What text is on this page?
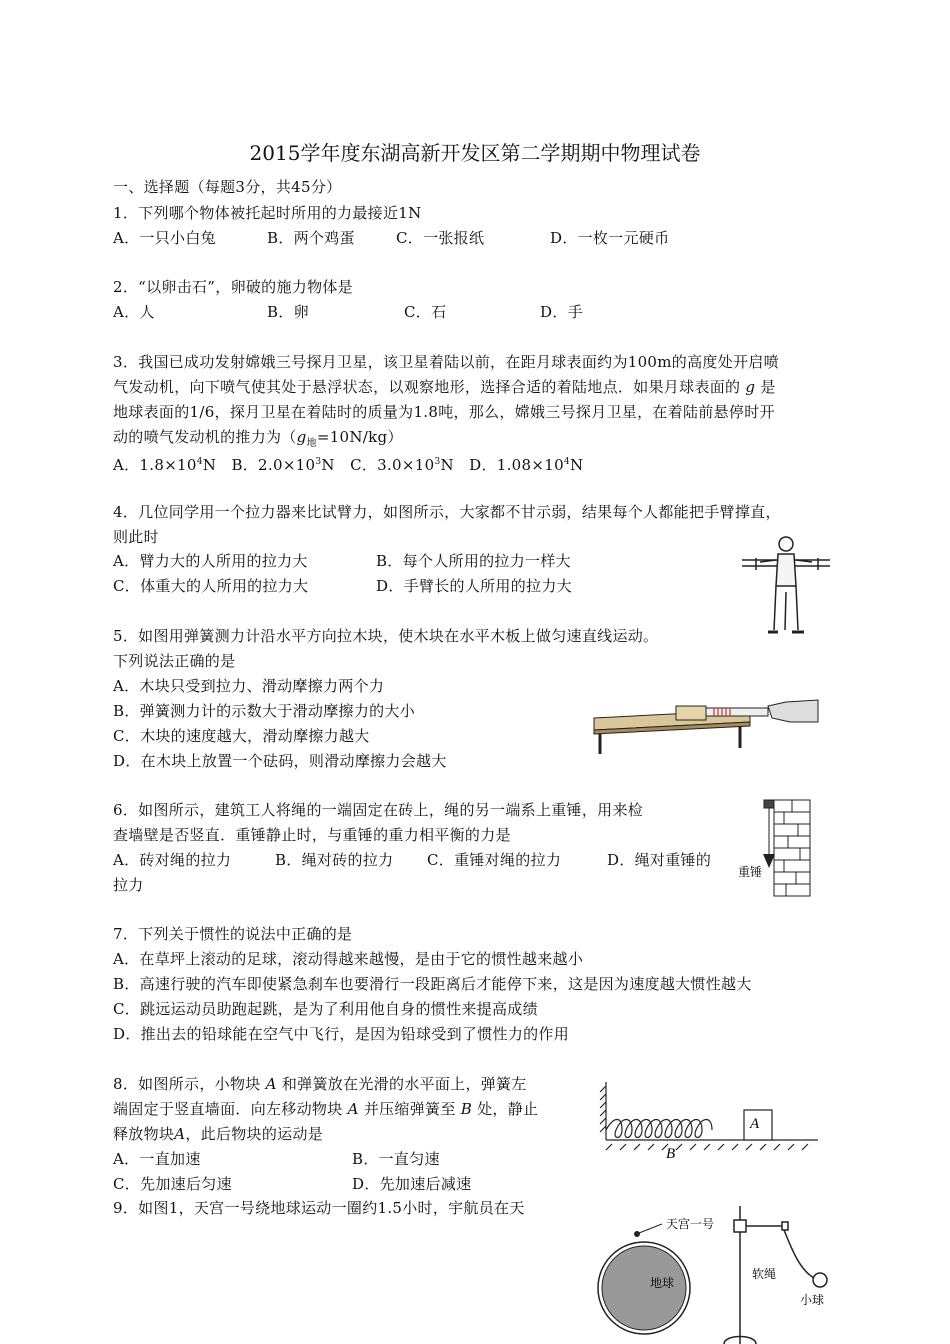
2015学年度东湖高新开发区第二学期期中物理试卷
一、选择题（每题3分，共45分）
1．下列哪个物体被托起时所用的力最接近1N
A．一只小白兔	B．两个鸡蛋	C．一张报纸	D．一枚一元硬币
2．“以卵击石”，卵破的施力物体是
A．人	B．卵	C．石	D．手
3．我国已成功发射嫦娥三号探月卫星，该卫星着陆以前，在距月球表面约为100m的高度处开启喷
气发动机，向下喷气使其处于悬浮状态，以观察地形，选择合适的着陆地点．如果月球表面的 g 是
地球表面的1/6，探月卫星在着陆时的质量为1.8吨，那么，嫦娥三号探月卫星，在着陆前悬停时开
动的喷气发动机的推力为$(g_地=10N/kg)$
A．$1.8\times 10^4N$ B．$2.0\times 10^3N$ C．$3.0\times 10^3N$ D．$1.08\times 10^4N$
4．几位同学用一个拉力器来比试臂力，如图所示，大家都不甘示弱，结果每个人都能把手臂撑直，
则此时
A．臂力大的人所用的拉力大	B．每个人所用的拉力一样大
C．体重大的人所用的拉力大	D．手臂长的人所用的拉力大
5．如图用弹簧测力计沿水平方向拉木块，使木块在水平木板上做匀速直线运动。
下列说法正确的是
A．木块只受到拉力、滑动摩擦力两个力
B．弹簧测力计的示数大于滑动摩擦力的大小
C．木块的速度越大，滑动摩擦力越大
D．在木块上放置一个砝码，则滑动摩擦力会越大
6．如图所示，建筑工人将绳的一端固定在砖上，绳的另一端系上重锤，用来检
查墙壁是否竖直．重锤静止时，与重锤的重力相平衡的力是
A．砖对绳的拉力	B．绳对砖的拉力 C．重锤对绳的拉力	D．绳对重锤的
拉力
重锤
7．下列关于惯性的说法中正确的是
A．在草坪上滚动的足球，滚动得越来越慢，是由于它的惯性越来越小
B．高速行驶的汽车即使紧急刹车也要滑行一段距离后才能停下来，这是因为速度越大惯性越大
C．跳远运动员助跑起跳，是为了利用他自身的惯性来提高成绩
D．推出去的铅球能在空气中飞行，是因为铅球受到了惯性力的作用
8．如图所示，小物块 A 和弹簧放在光滑的水平面上，弹簧左
端固定于竖直墙面．向左移动物块 A 并压缩弹簧至 B 处，静止
释放物块A，此后物块的运动是
A．一直加速	B．一直匀速
C．先加速后匀速	D．先加速后减速
A
B
9．如图1，天宫一号绕地球运动一圈约1.5小时，宇航员在天
地球
天宫一号
软绳
小球
